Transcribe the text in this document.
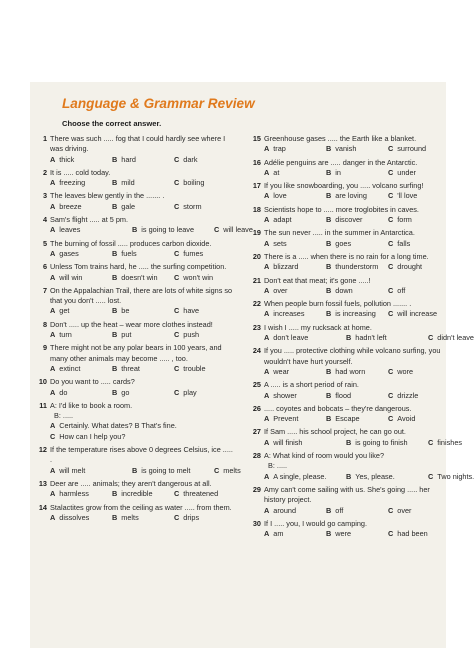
Language & Grammar Review
Choose the correct answer.
1 There was such ..... fog that I could hardly see where I was driving.
A thick	B hard	C dark
2 It is ..... cold today.
A freezing	B mild	C boiling
3 The leaves blew gently in the ....... .
A breeze	B gale	C storm
4 Sam's flight ..... at 5 pm.
A leaves	B is going to leave	C will leave
5 The burning of fossil ..... produces carbon dioxide.
A gases	B fuels	C fumes
6 Unless Tom trains hard, he ..... the surfing competition.
A will win	B doesn't win C won't win
7 On the Appalachian Trail, there are lots of white signs so that you don't ..... lost.
A get	B be	C have
8 Don't ..... up the heat – wear more clothes instead!
A turn	B put	C push
9 There might not be any polar bears in 100 years, and many other animals may become ..... , too.
A extinct	B threat	C trouble
10 Do you want to ..... cards?
A do	B go	C play
11 A: I'd like to book a room.
B: .....
A Certainly. What dates? B That's fine.
C How can I help you?
12 If the temperature rises above 0 degrees Celsius, ice ..... .
A will melt	B is going to melt	C melts
13 Deer are ..... animals; they aren't dangerous at all.
A harmless	B incredible	C threatened
14 Stalactites grow from the ceiling as water ..... from them.
A dissolves	B melts	C drips
15 Greenhouse gases ..... the Earth like a blanket.
A trap	B vanish	C surround
16 Adélie penguins are ..... danger in the Antarctic.
A at	B in	C under
17 If you like snowboarding, you ..... volcano surfing!
A love	B are loving	C 'll love
18 Scientists hope to ..... more troglobites in caves.
A adapt	B discover	C form
19 The sun never ..... in the summer in Antarctica.
A sets	B goes	C falls
20 There is a ..... when there is no rain for a long time.
A blizzard	B thunderstorm C drought
21 Don't eat that meat; it's gone .....!
A over	B down	C off
22 When people burn fossil fuels, pollution ....... .
A increases	B is increasing C will increase
23 I wish I ..... my rucksack at home.
A don't leave	B hadn't left	C didn't leave
24 If you ..... protective clothing while volcano surfing, you wouldn't have hurt yourself.
A wear	B had worn	C wore
25 A ..... is a short period of rain.
A shower	B flood	C drizzle
26 ..... coyotes and bobcats – they're dangerous.
A Prevent	B Escape	C Avoid
27 If Sam ..... his school project, he can go out.
A will finish	B is going to finish	C finishes
28 A: What kind of room would you like?
B: .....
A A single, please.	B Yes, please.	C Two nights.
29 Amy can't come sailing with us. She's going ..... her history project.
A around	B off	C over
30 If I ..... you, I would go camping.
A am	B were	C had been
